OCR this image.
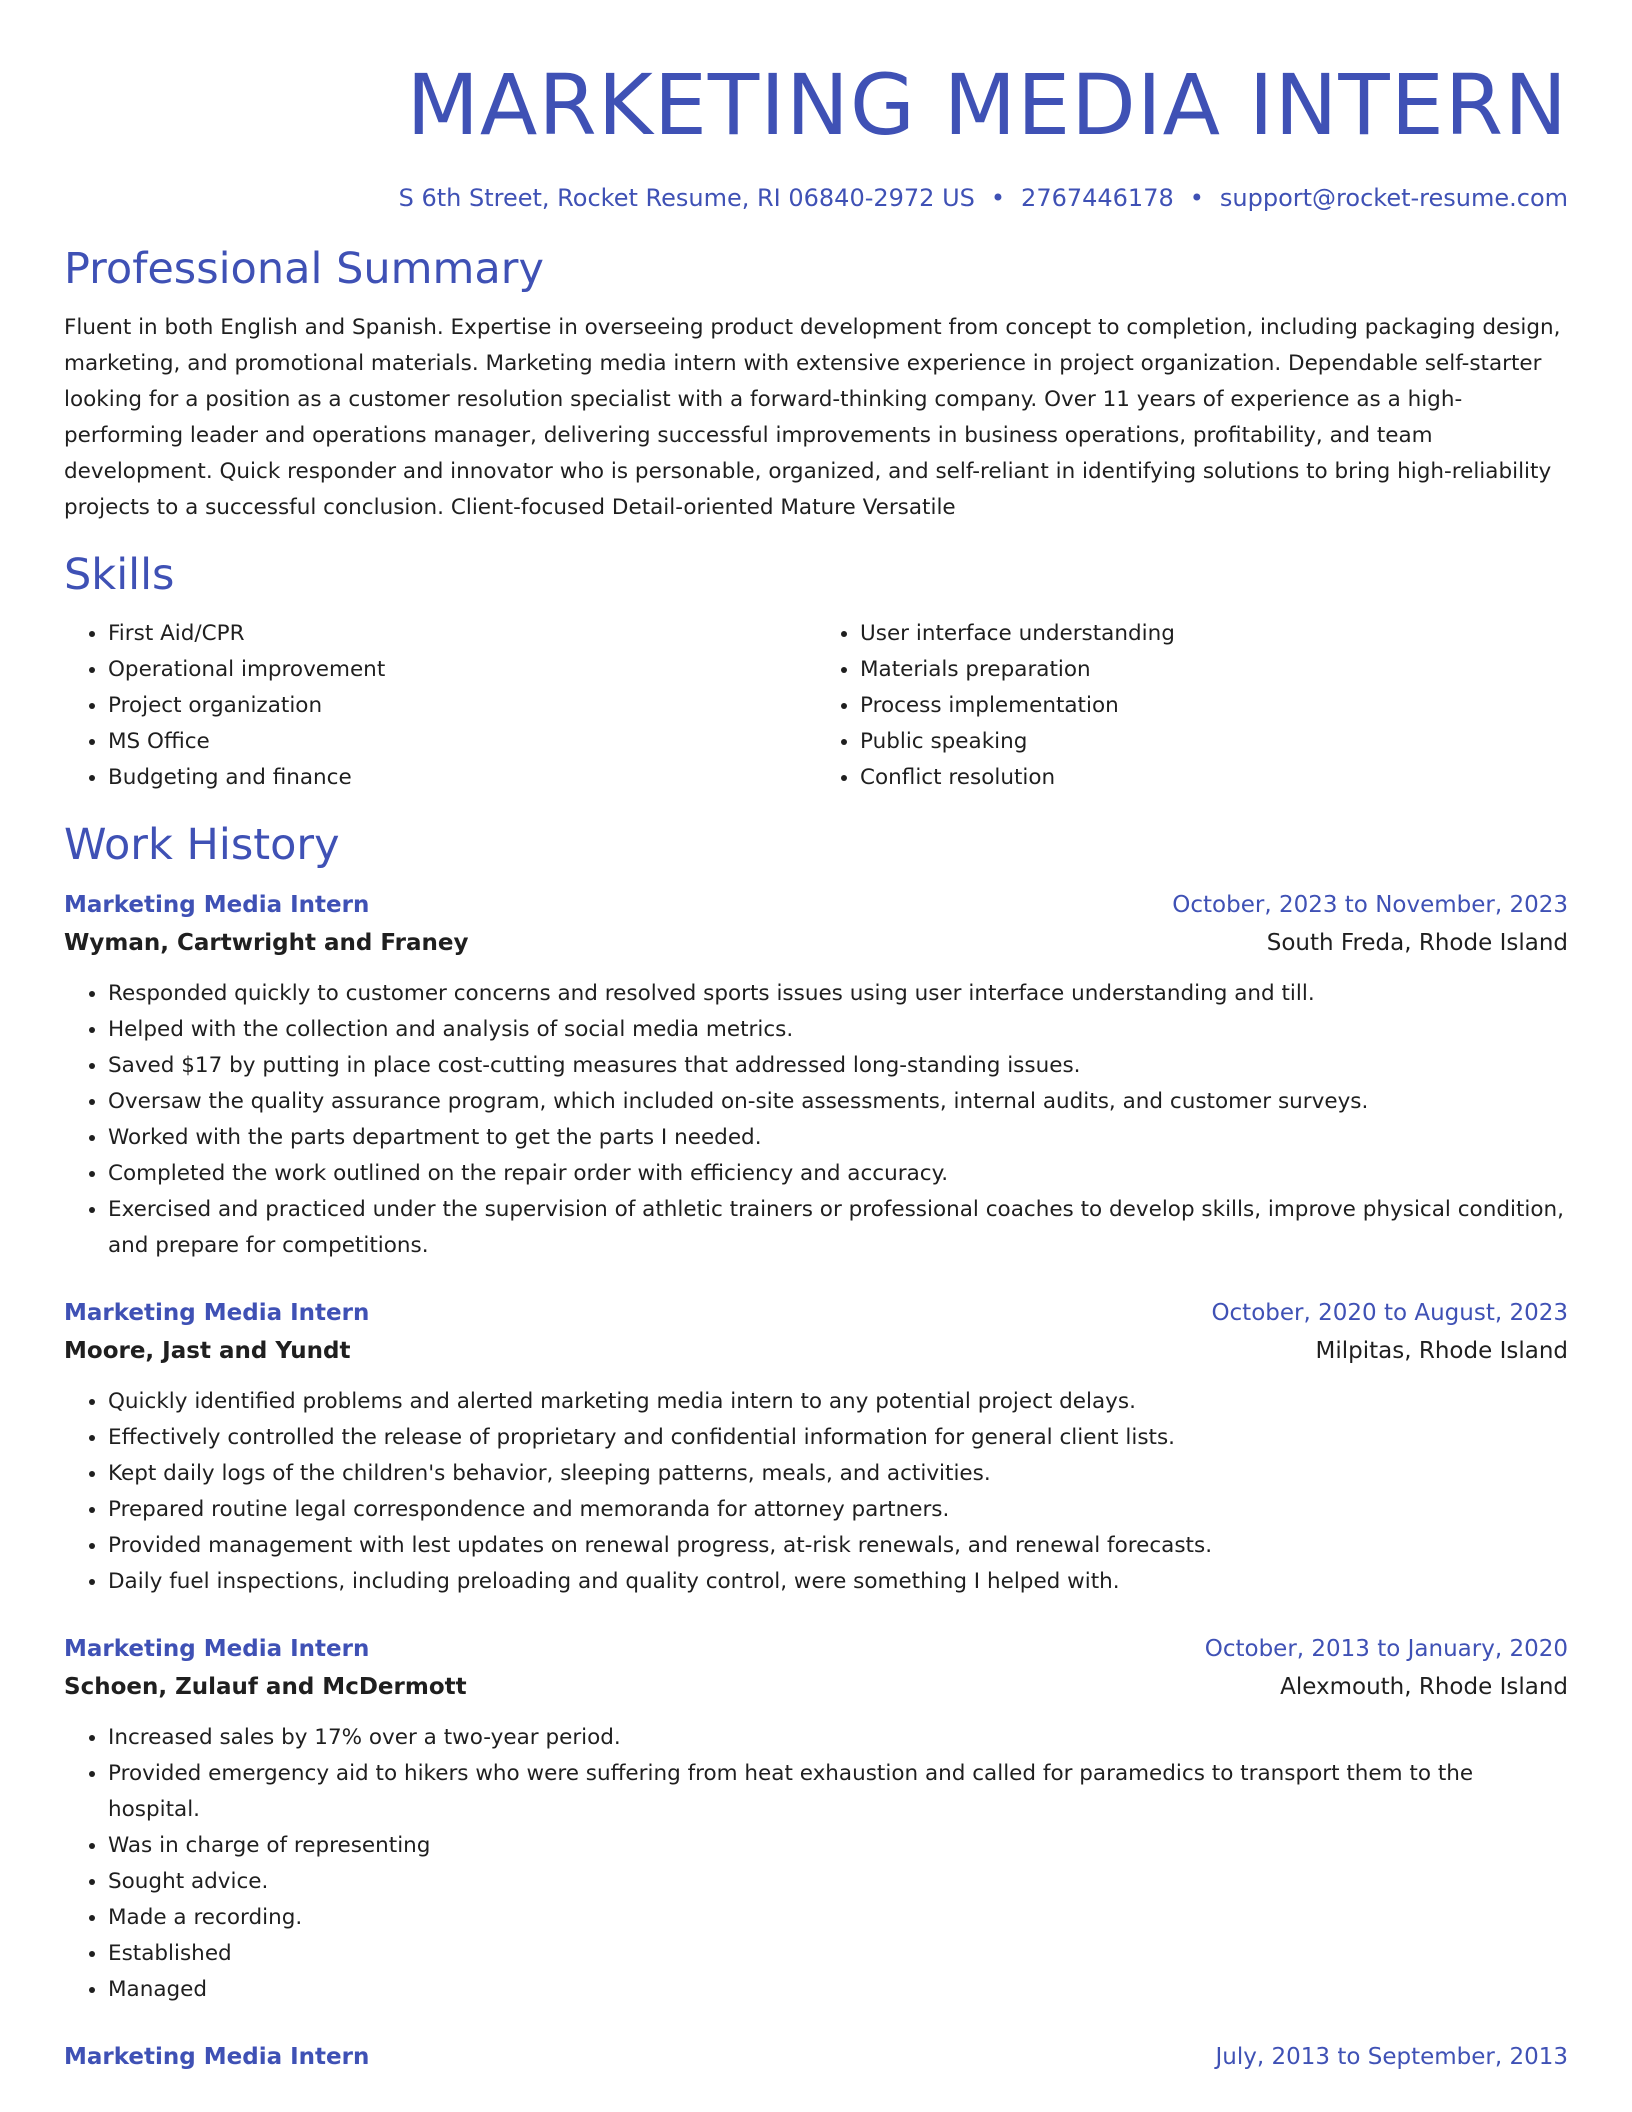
MARKETING MEDIA INTERN
S 6th Street, Rocket Resume, RI 06840-2972 US • 2767446178 • support@rocket-resume.com
Professional Summary
Fluent in both English and Spanish. Expertise in overseeing product development from concept to completion, including packaging design, marketing, and promotional materials. Marketing media intern with extensive experience in project organization. Dependable self-starter looking for a position as a customer resolution specialist with a forward-thinking company. Over 11 years of experience as a high-performing leader and operations manager, delivering successful improvements in business operations, profitability, and team development. Quick responder and innovator who is personable, organized, and self-reliant in identifying solutions to bring high-reliability projects to a successful conclusion. Client-focused Detail-oriented Mature Versatile
Skills
• First Aid/CPR
• Operational improvement
• Project organization
• MS Office
• Budgeting and finance
• User interface understanding
• Materials preparation
• Process implementation
• Public speaking
• Conflict resolution
Work History
Marketing Media Intern	October, 2023 to November, 2023
Wyman, Cartwright and Franey	South Freda, Rhode Island
• Responded quickly to customer concerns and resolved sports issues using user interface understanding and till.
• Helped with the collection and analysis of social media metrics.
• Saved $17 by putting in place cost-cutting measures that addressed long-standing issues.
• Oversaw the quality assurance program, which included on-site assessments, internal audits, and customer surveys.
• Worked with the parts department to get the parts I needed.
• Completed the work outlined on the repair order with efficiency and accuracy.
• Exercised and practiced under the supervision of athletic trainers or professional coaches to develop skills, improve physical condition, and prepare for competitions.
Marketing Media Intern	October, 2020 to August, 2023
Moore, Jast and Yundt	Milpitas, Rhode Island
• Quickly identified problems and alerted marketing media intern to any potential project delays.
• Effectively controlled the release of proprietary and confidential information for general client lists.
• Kept daily logs of the children's behavior, sleeping patterns, meals, and activities.
• Prepared routine legal correspondence and memoranda for attorney partners.
• Provided management with lest updates on renewal progress, at-risk renewals, and renewal forecasts.
• Daily fuel inspections, including preloading and quality control, were something I helped with.
Marketing Media Intern	October, 2013 to January, 2020
Schoen, Zulauf and McDermott	Alexmouth, Rhode Island
• Increased sales by 17% over a two-year period.
• Provided emergency aid to hikers who were suffering from heat exhaustion and called for paramedics to transport them to the hospital.
• Was in charge of representing
• Sought advice.
• Made a recording.
• Established
• Managed
Marketing Media Intern	July, 2013 to September, 2013
